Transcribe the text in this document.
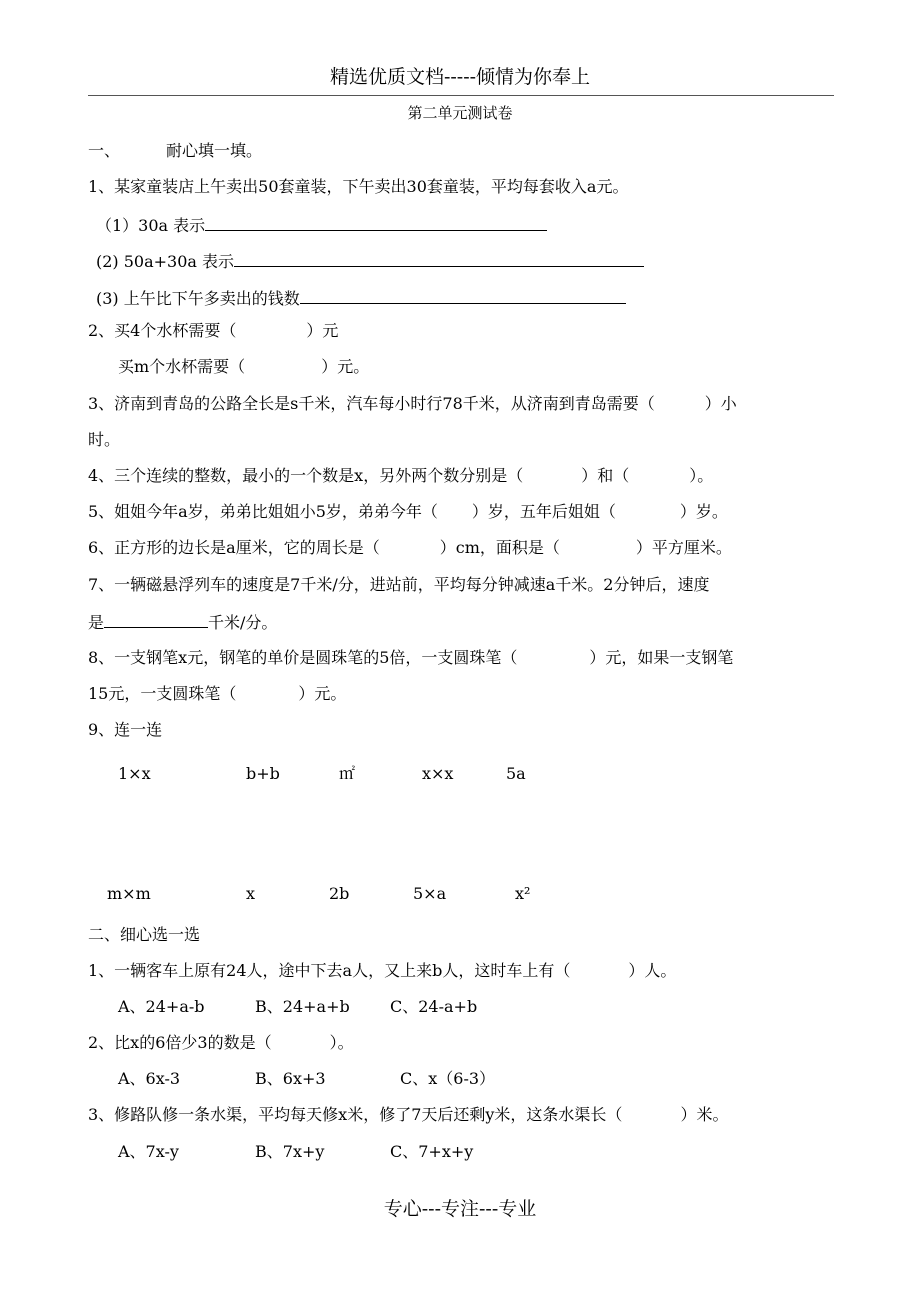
精选优质文档-----倾情为你奉上
第二单元测试卷
一、	耐心填一填。
1、某家童装店上午卖出50套童装，下午卖出30套童装，平均每套收入a元。
（1）30a 表示
(2) 50a+30a 表示
(3) 上午比下午多卖出的钱数
2、买4个水杯需要（	）元
买m个水杯需要（	）元。
3、济南到青岛的公路全长是s千米，汽车每小时行78千米，从济南到青岛需要（	）小
时。
4、三个连续的整数，最小的一个数是x，另外两个数分别是（	）和（	）。
5、姐姐今年a岁，弟弟比姐姐小5岁，弟弟今年（ ）岁，五年后姐姐（	）岁。
6、正方形的边长是a厘米，它的周长是（	）cm，面积是（	）平方厘米。
7、一辆磁悬浮列车的速度是7千米/分，进站前，平均每分钟减速a千米。2分钟后，速度
是	千米/分。
8、一支钢笔x元，钢笔的单价是圆珠笔的5倍，一支圆珠笔（	）元，如果一支钢笔
15元，一支圆珠笔（	）元。
9、连一连
1×x	b+b	㎡	x×x	5a
m×m	x	2b	5×a	x²
二、细心选一选
1、一辆客车上原有24人，途中下去a人，又上来b人，这时车上有（	）人。
A、24+a-b	B、24+a+b	C、24-a+b
2、比x的6倍少3的数是（	）。
A、6x-3	B、6x+3	C、x（6-3）
3、修路队修一条水渠，平均每天修x米，修了7天后还剩y米，这条水渠长（	）米。
A、7x-y	B、7x+y	C、7+x+y
专心---专注---专业
